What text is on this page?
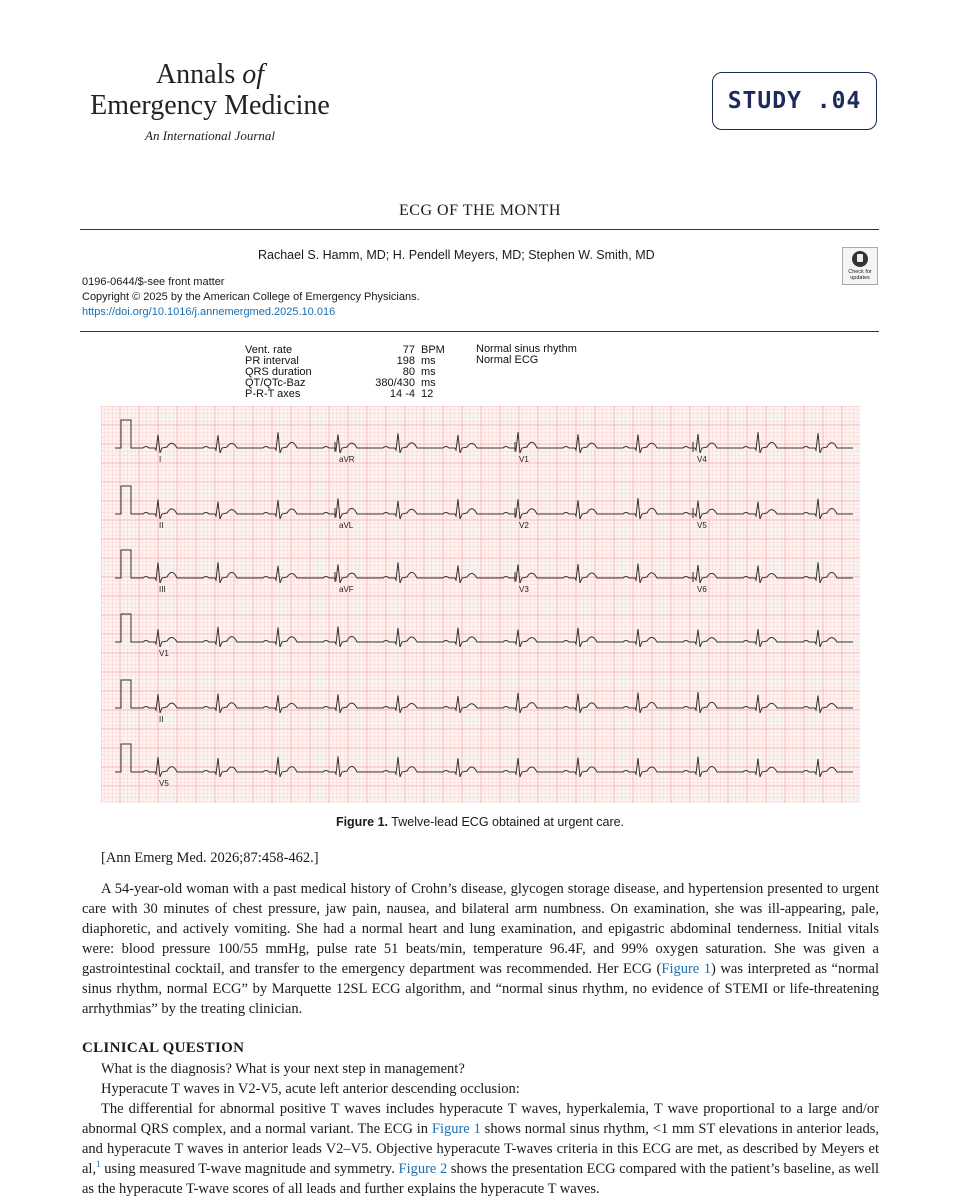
Annals of
Emergency Medicine
An International Journal
STUDY .04
ECG OF THE MONTH
Rachael S. Hamm, MD; H. Pendell Meyers, MD; Stephen W. Smith, MD
Check for updates
0196-0644/$-see front matter
Copyright © 2025 by the American College of Emergency Physicians.
https://doi.org/10.1016/j.annemergmed.2025.10.016
Vent. rate	77 BPM
PR interval	198 ms
QRS duration	80 ms
QT/QTc-Baz	380/430 ms
P-R-T axes	14 -4 12
Normal sinus rhythm
Normal ECG
I	aVR	V1	V4
II	aVL	V2	V5
III	aVF	V3	V6
V1
II
V5
Figure 1. Twelve-lead ECG obtained at urgent care.
[Ann Emerg Med. 2026;87:458-462.]

A 54-year-old woman with a past medical history of Crohn’s disease, glycogen storage disease, and hypertension presented to urgent care with 30 minutes of chest pressure, jaw pain, nausea, and bilateral arm numbness. On examination, she was ill-appearing, pale, diaphoretic, and actively vomiting. She had a normal heart and lung examination, and epigastric abdominal tenderness. Initial vitals were: blood pressure 100/55 mmHg, pulse rate 51 beats/min, temperature 96.4F, and 99% oxygen saturation. She was given a gastrointestinal cocktail, and transfer to the emergency department was recommended. Her ECG (Figure 1) was interpreted as “normal sinus rhythm, normal ECG” by Marquette 12SL ECG algorithm, and “normal sinus rhythm, no evidence of STEMI or life-threatening arrhythmias” by the treating clinician.

CLINICAL QUESTION

What is the diagnosis? What is your next step in management?

Hyperacute T waves in V2-V5, acute left anterior descending occlusion:

The differential for abnormal positive T waves includes hyperacute T waves, hyperkalemia, T wave proportional to a large and/or abnormal QRS complex, and a normal variant. The ECG in Figure 1 shows normal sinus rhythm, <1 mm ST elevations in anterior leads, and hyperacute T waves in anterior leads V2–V5. Objective hyperacute T-waves criteria in this ECG are met, as described by Meyers et al,$^1$ using measured T-wave magnitude and symmetry. Figure 2 shows the presentation ECG compared with the patient’s baseline, as well as the hyperacute T-wave scores of all leads and further explains the hyperacute T waves.
